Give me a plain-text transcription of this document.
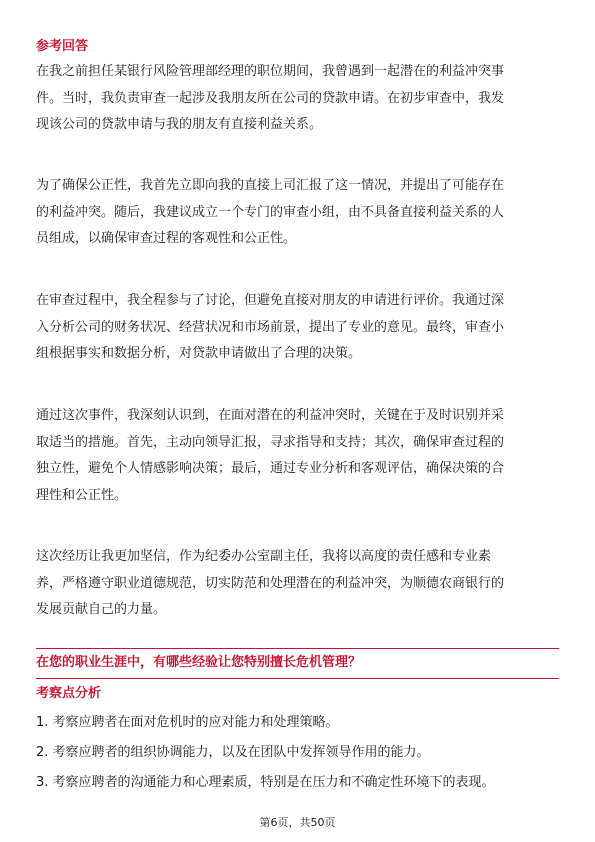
参考回答
在我之前担任某银行风险管理部经理的职位期间，我曾遇到一起潜在的利益冲突事
件。当时，我负责审查一起涉及我朋友所在公司的贷款申请。在初步审查中，我发
现该公司的贷款申请与我的朋友有直接利益关系。
为了确保公正性，我首先立即向我的直接上司汇报了这一情况，并提出了可能存在
的利益冲突。随后，我建议成立一个专门的审查小组，由不具备直接利益关系的人
员组成，以确保审查过程的客观性和公正性。
在审查过程中，我全程参与了讨论，但避免直接对朋友的申请进行评价。我通过深
入分析公司的财务状况、经营状况和市场前景，提出了专业的意见。最终，审查小
组根据事实和数据分析，对贷款申请做出了合理的决策。
通过这次事件，我深刻认识到，在面对潜在的利益冲突时，关键在于及时识别并采
取适当的措施。首先，主动向领导汇报，寻求指导和支持；其次，确保审查过程的
独立性，避免个人情感影响决策；最后，通过专业分析和客观评估，确保决策的合
理性和公正性。
这次经历让我更加坚信，作为纪委办公室副主任，我将以高度的责任感和专业素
养，严格遵守职业道德规范，切实防范和处理潜在的利益冲突，为顺德农商银行的
发展贡献自己的力量。
在您的职业生涯中，有哪些经验让您特别擅长危机管理？
考察点分析
1. 考察应聘者在面对危机时的应对能力和处理策略。
2. 考察应聘者的组织协调能力，以及在团队中发挥领导作用的能力。
3. 考察应聘者的沟通能力和心理素质，特别是在压力和不确定性环境下的表现。
第6页，共50页
